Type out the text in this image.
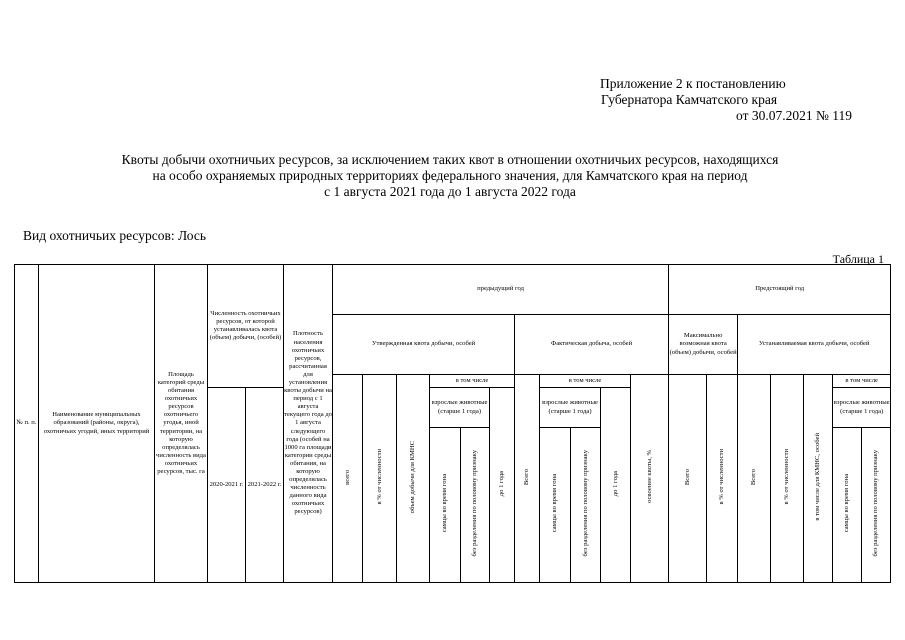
Приложение 2 к постановлению
Губернатора Камчатского края
от 30.07.2021 № 119
Квоты добычи охотничьих ресурсов, за исключением таких квот в отношении охотничьих ресурсов, находящихся
на особо охраняемых природных территориях федерального значения, для Камчатского края на период
с 1 августа 2021 года до 1 августа 2022 года
Вид охотничьих ресурсов: Лось
Таблица 1
№ п. п.	Наименование муниципальных образований (районы, округа), охотничьих угодий, иных территорий	Площадь категорий среды обитания охотничьих ресурсов охотничьего угодья, иной территории, на которую определялась численность вида охотничьих ресурсов, тыс. га	Численность охотничьих ресурсов, от которой устанавливалась квота (объем) добычи, (особей)		Плотность населения охотничьих ресурсов, рассчитанная для установления квоты добычи на период с 1 августа текущего года до 1 августа следующего года (особей на 1000 га площади категории среды обитания, на которую определялась численность данного вида охотничьих ресурсов)	предыдущий год											Предстоящий год							
						Утвержденная квота добычи, особей						Фактическая добыча, особей					Максимально возможная квота (объем) добычи, особей		Устанавливаемая квота добычи, особей					
						всего	в % от численности	объем добычи для КМНС	в том числе			Всего	в том числе			освоение квоты, %	Всего	в % от численности	Всего	в % от численности	в том числе для КМНС, особей	в том числе		
			2020-2021 г.	2021-2022 г.					взрослые животные (старше 1 года)		до 1 года		взрослые животные (старше 1 года)		до 1 года							взрослые животные (старше 1 года)	
									самцы во время гона	без разделения по половому признаку			самцы во время гона	без разделения по половому признаку								самцы во время гона	без разделения по половому признаку	
